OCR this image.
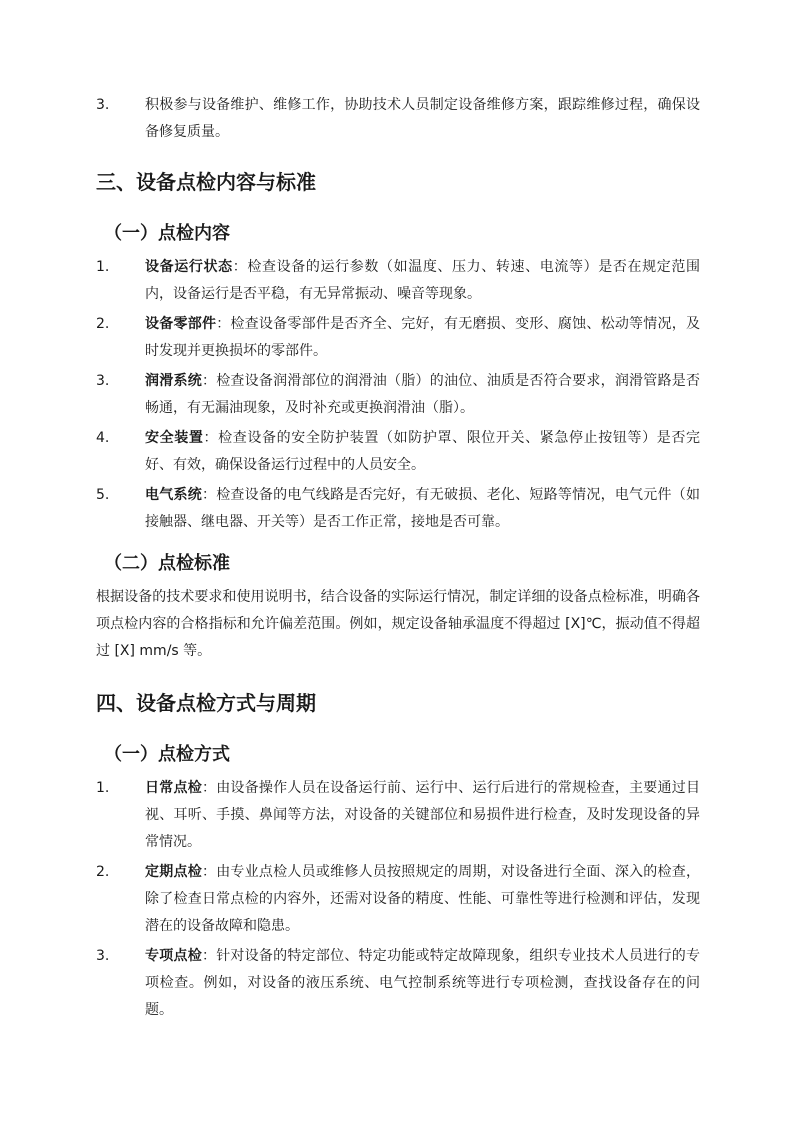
3.	积极参与设备维护、维修工作，协助技术人员制定设备维修方案，跟踪维修过程，确保设备修复质量。
三、设备点检内容与标准
（一）点检内容
1.	设备运行状态：检查设备的运行参数（如温度、压力、转速、电流等）是否在规定范围内，设备运行是否平稳，有无异常振动、噪音等现象。
2.	设备零部件：检查设备零部件是否齐全、完好，有无磨损、变形、腐蚀、松动等情况，及时发现并更换损坏的零部件。
3.	润滑系统：检查设备润滑部位的润滑油（脂）的油位、油质是否符合要求，润滑管路是否畅通，有无漏油现象，及时补充或更换润滑油（脂）。
4.	安全装置：检查设备的安全防护装置（如防护罩、限位开关、紧急停止按钮等）是否完好、有效，确保设备运行过程中的人员安全。
5.	电气系统：检查设备的电气线路是否完好，有无破损、老化、短路等情况，电气元件（如接触器、继电器、开关等）是否工作正常，接地是否可靠。
（二）点检标准

根据设备的技术要求和使用说明书，结合设备的实际运行情况，制定详细的设备点检标准，明确各项点检内容的合格指标和允许偏差范围。例如，规定设备轴承温度不得超过 [X]℃，振动值不得超过 [X] mm/s 等。

四、设备点检方式与周期
（一）点检方式
1.	日常点检：由设备操作人员在设备运行前、运行中、运行后进行的常规检查，主要通过目视、耳听、手摸、鼻闻等方法，对设备的关键部位和易损件进行检查，及时发现设备的异常情况。
2.	定期点检：由专业点检人员或维修人员按照规定的周期，对设备进行全面、深入的检查，除了检查日常点检的内容外，还需对设备的精度、性能、可靠性等进行检测和评估，发现潜在的设备故障和隐患。
3.	专项点检：针对设备的特定部位、特定功能或特定故障现象，组织专业技术人员进行的专项检查。例如，对设备的液压系统、电气控制系统等进行专项检测，查找设备存在的问题。
